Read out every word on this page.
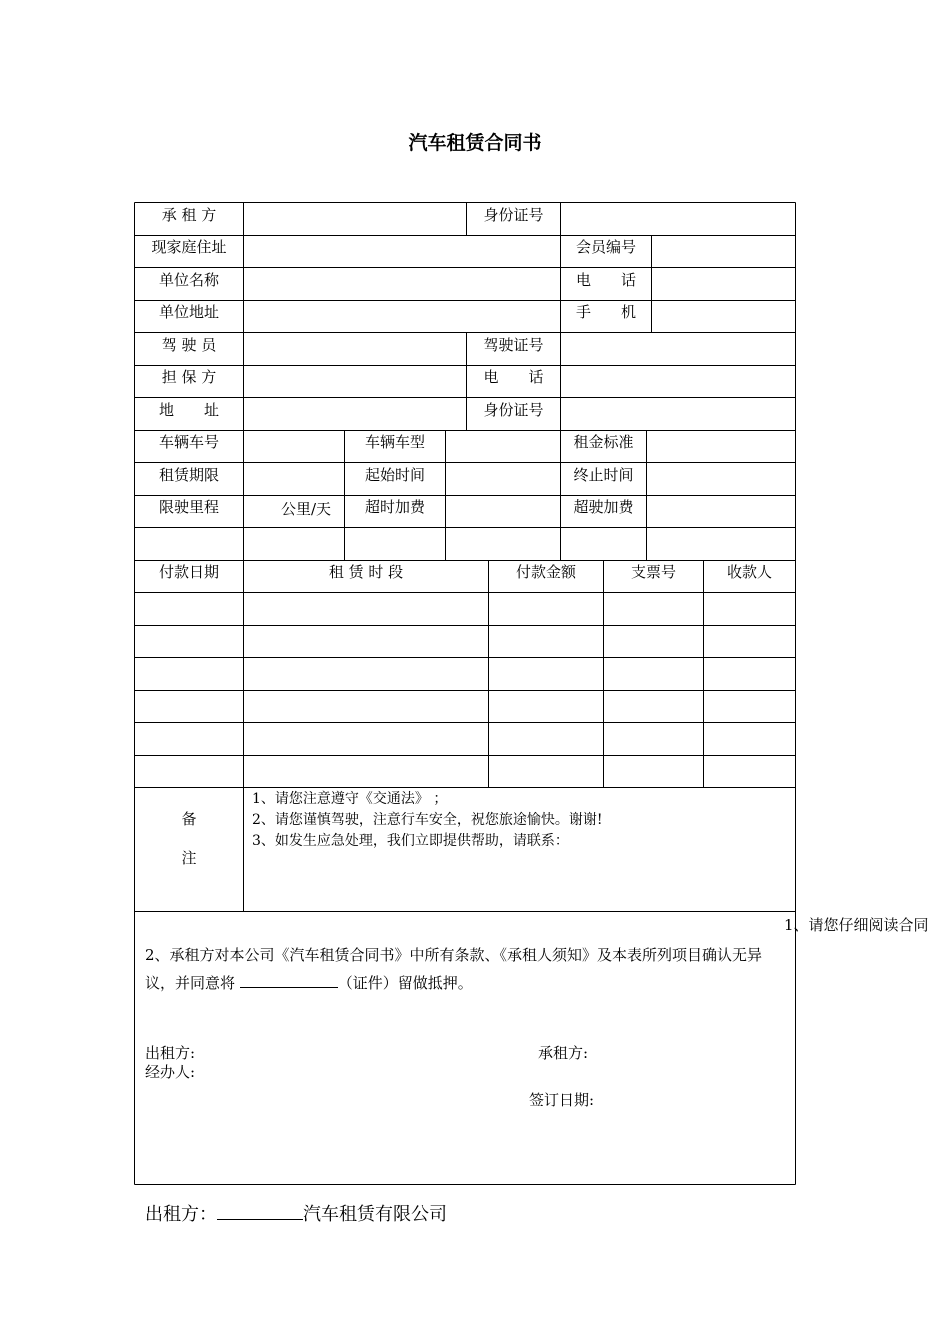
汽车租赁合同书
承 租 方	身份证号
现家庭住址	会员编号
单位名称	电　　话
单位地址	手　　机
驾 驶 员	驾驶证号
担 保 方	电　　话
地　　址	身份证号
车辆车号	车辆车型	租金标准
租赁期限	起始时间	终止时间
限驶里程	公里/天	超时加费	超驶加费
付款日期	租 赁 时 段	付款金额	支票号	收款人
备
注
1、请您注意遵守《交通法》 ；
2、请您谨慎驾驶，注意行车安全，祝您旅途愉快。谢谢!
3、如发生应急处理，我们立即提供帮助，请联系：
1、请您仔细阅读合同
2、承租方对本公司《汽车租赁合同书》中所有条款、《承租人须知》及本表所列项目确认无异议，并同意将	（证件）留做抵押。
出租方:
经办人:
承租方:
签订日期:
出租方：	汽车租赁有限公司
